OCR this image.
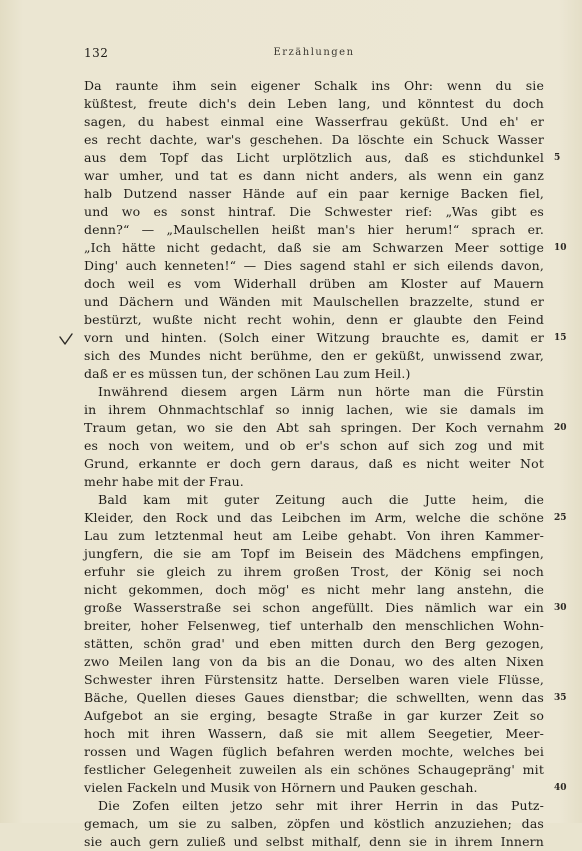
132	Erzählungen
Da raunte ihm sein eigener Schalk ins Ohr: wenn du sie
küßtest, freute dich's dein Leben lang, und könntest du doch
sagen, du habest einmal eine Wasserfrau geküßt. Und eh' er
es recht dachte, war's geschehen. Da löschte ein Schuck Wasser
aus dem Topf das Licht urplötzlich aus, daß es stichdunkel
war umher, und tat es dann nicht anders, als wenn ein ganz
halb Dutzend nasser Hände auf ein paar kernige Backen fiel,
und wo es sonst hintraf. Die Schwester rief: „Was gibt es
denn?“ — „Maulschellen heißt man's hier herum!“ sprach er.
„Ich hätte nicht gedacht, daß sie am Schwarzen Meer sottige
Ding' auch kenneten!“ — Dies sagend stahl er sich eilends davon,
doch weil es vom Widerhall drüben am Kloster auf Mauern
und Dächern und Wänden mit Maulschellen brazzelte, stund er
bestürzt, wußte nicht recht wohin, denn er glaubte den Feind
vorn und hinten. (Solch einer Witzung brauchte es, damit er
sich des Mundes nicht berühme, den er geküßt, unwissend zwar,
daß er es müssen tun, der schönen Lau zum Heil.)
Inwährend diesem argen Lärm nun hörte man die Fürstin
in ihrem Ohnmachtschlaf so innig lachen, wie sie damals im
Traum getan, wo sie den Abt sah springen. Der Koch vernahm
es noch von weitem, und ob er's schon auf sich zog und mit
Grund, erkannte er doch gern daraus, daß es nicht weiter Not
mehr habe mit der Frau.
Bald kam mit guter Zeitung auch die Jutte heim, die
Kleider, den Rock und das Leibchen im Arm, welche die schöne
Lau zum letztenmal heut am Leibe gehabt. Von ihren Kammer-
jungfern, die sie am Topf im Beisein des Mädchens empfingen,
erfuhr sie gleich zu ihrem großen Trost, der König sei noch
nicht gekommen, doch mög' es nicht mehr lang anstehn, die
große Wasserstraße sei schon angefüllt. Dies nämlich war ein
breiter, hoher Felsenweg, tief unterhalb den menschlichen Wohn-
stätten, schön grad' und eben mitten durch den Berg gezogen,
zwo Meilen lang von da bis an die Donau, wo des alten Nixen
Schwester ihren Fürstensitz hatte. Derselben waren viele Flüsse,
Bäche, Quellen dieses Gaues dienstbar; die schwellten, wenn das
Aufgebot an sie erging, besagte Straße in gar kurzer Zeit so
hoch mit ihren Wassern, daß sie mit allem Seegetier, Meer-
rossen und Wagen füglich befahren werden mochte, welches bei
festlicher Gelegenheit zuweilen als ein schönes Schaugepräng' mit
vielen Fackeln und Musik von Hörnern und Pauken geschah.
Die Zofen eilten jetzo sehr mit ihrer Herrin in das Putz-
gemach, um sie zu salben, zöpfen und köstlich anzuziehen; das
sie auch gern zuließ und selbst mithalf, denn sie in ihrem Innern
5
10
15
20
25
30
35
40
